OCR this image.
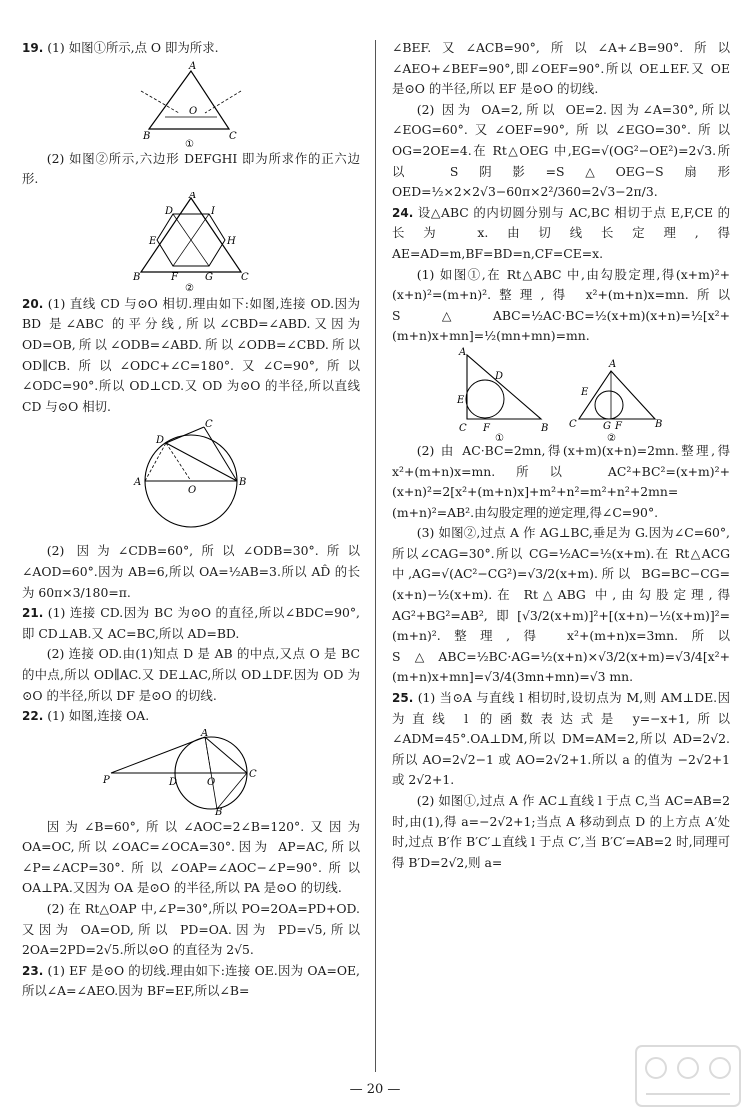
19. (1) 如图①所示,点 O 即为所求.

A
B	C
O
①

(2) 如图②所示,六边形 DEFGHI 即为所求作的正六边形.

A
D	I
E	H
B	F	G	C
②

20. (1) 直线 CD 与⊙O 相切.理由如下:如图,连接 OD.因为 BD 是∠ABC 的平分线,所以∠CBD=∠ABD.又因为 OD=OB,所以∠ODB=∠ABD.所以∠ODB=∠CBD.所以 OD∥CB.所以∠ODC+∠C=180°.又∠C=90°,所以∠ODC=90°.所以 OD⊥CD.又 OD 为⊙O 的半径,所以直线 CD 与⊙O 相切.

C
D
A	B
O

(2) 因为∠CDB=60°,所以∠ODB=30°.所以∠AOD=60°.因为 AB=6,所以 OA=½AB=3.所以 AD̂ 的长为 60π×3/180=π.

21. (1) 连接 CD.因为 BC 为⊙O 的直径,所以∠BDC=90°,即 CD⊥AB.又 AC=BC,所以 AD=BD.

(2) 连接 OD.由(1)知点 D 是 AB 的中点,又点 O 是 BC 的中点,所以 OD∥AC.又 DE⊥AC,所以 OD⊥DF.因为 OD 为⊙O 的半径,所以 DF 是⊙O 的切线.

22. (1) 如图,连接 OA.

A
P	D	O
C
B

因为∠B=60°,所以∠AOC=2∠B=120°.又因为 OA=OC,所以∠OAC=∠OCA=30°.因为 AP=AC,所以∠P=∠ACP=30°.所以∠OAP=∠AOC−∠P=90°.所以 OA⊥PA.又因为 OA 是⊙O 的半径,所以 PA 是⊙O 的切线.

(2) 在 Rt△OAP 中,∠P=30°,所以 PO=2OA=PD+OD.又因为 OA=OD,所以 PD=OA.因为 PD=√5,所以 2OA=2PD=2√5.所以⊙O 的直径为 2√5.

23. (1) EF 是⊙O 的切线.理由如下:连接 OE.因为 OA=OE,所以∠A=∠AEO.因为 BF=EF,所以∠B=

∠BEF.又∠ACB=90°,所以∠A+∠B=90°.所以∠AEO+∠BEF=90°,即∠OEF=90°.所以 OE⊥EF.又 OE 是⊙O 的半径,所以 EF 是⊙O 的切线.

(2) 因为 OA=2,所以 OE=2.因为∠A=30°,所以∠EOG=60°.又∠OEF=90°,所以∠EGO=30°.所以 OG=2OE=4.在 Rt△OEG 中,EG=√(OG²−OE²)=2√3.所以 S阴影=S△OEG−S扇形OED=½×2×2√3−60π×2²/360=2√3−2π/3.

24. 设△ABC 的内切圆分别与 AC,BC 相切于点 E,F,CE 的长为 x.由切线长定理,得 AE=AD=m,BF=BD=n,CF=CE=x.

(1) 如图①,在 Rt△ABC 中,由勾股定理,得(x+m)²+(x+n)²=(m+n)².整理,得 x²+(m+n)x=mn.所以 S△ABC=½AC·BC=½(x+m)(x+n)=½[x²+(m+n)x+mn]=½(mn+mn)=mn.

A
D
E
C F	B
①
A
E
C	G F	B
②

(2) 由 AC·BC=2mn,得(x+m)(x+n)=2mn.整理,得 x²+(m+n)x=mn.所以 AC²+BC²=(x+m)²+(x+n)²=2[x²+(m+n)x]+m²+n²=m²+n²+2mn=(m+n)²=AB².由勾股定理的逆定理,得∠C=90°.

(3) 如图②,过点 A 作 AG⊥BC,垂足为 G.因为∠C=60°,所以∠CAG=30°.所以 CG=½AC=½(x+m).在 Rt△ACG 中,AG=√(AC²−CG²)=√3/2(x+m).所以 BG=BC−CG=(x+n)−½(x+m).在 Rt△ABG 中,由勾股定理,得 AG²+BG²=AB²,即[√3/2(x+m)]²+[(x+n)−½(x+m)]²=(m+n)².整理,得 x²+(m+n)x=3mn.所以 S△ABC=½BC·AG=½(x+n)×√3/2(x+m)=√3/4[x²+(m+n)x+mn]=√3/4(3mn+mn)=√3 mn.

25. (1) 当⊙A 与直线 l 相切时,设切点为 M,则 AM⊥DE.因为直线 l 的函数表达式是 y=−x+1,所以∠ADM=45°.OA⊥DM,所以 DM=AM=2,所以 AD=2√2.所以 AO=2√2−1 或 AO=2√2+1.所以 a 的值为 −2√2+1 或 2√2+1.

(2) 如图①,过点 A 作 AC⊥直线 l 于点 C,当 AC=AB=2 时,由(1),得 a=−2√2+1;当点 A 移动到点 D 的上方点 A′处时,过点 B′作 B′C′⊥直线 l 于点 C′,当 B′C′=AB=2 时,同理可得 B′D=2√2,则 a=

— 20 —
